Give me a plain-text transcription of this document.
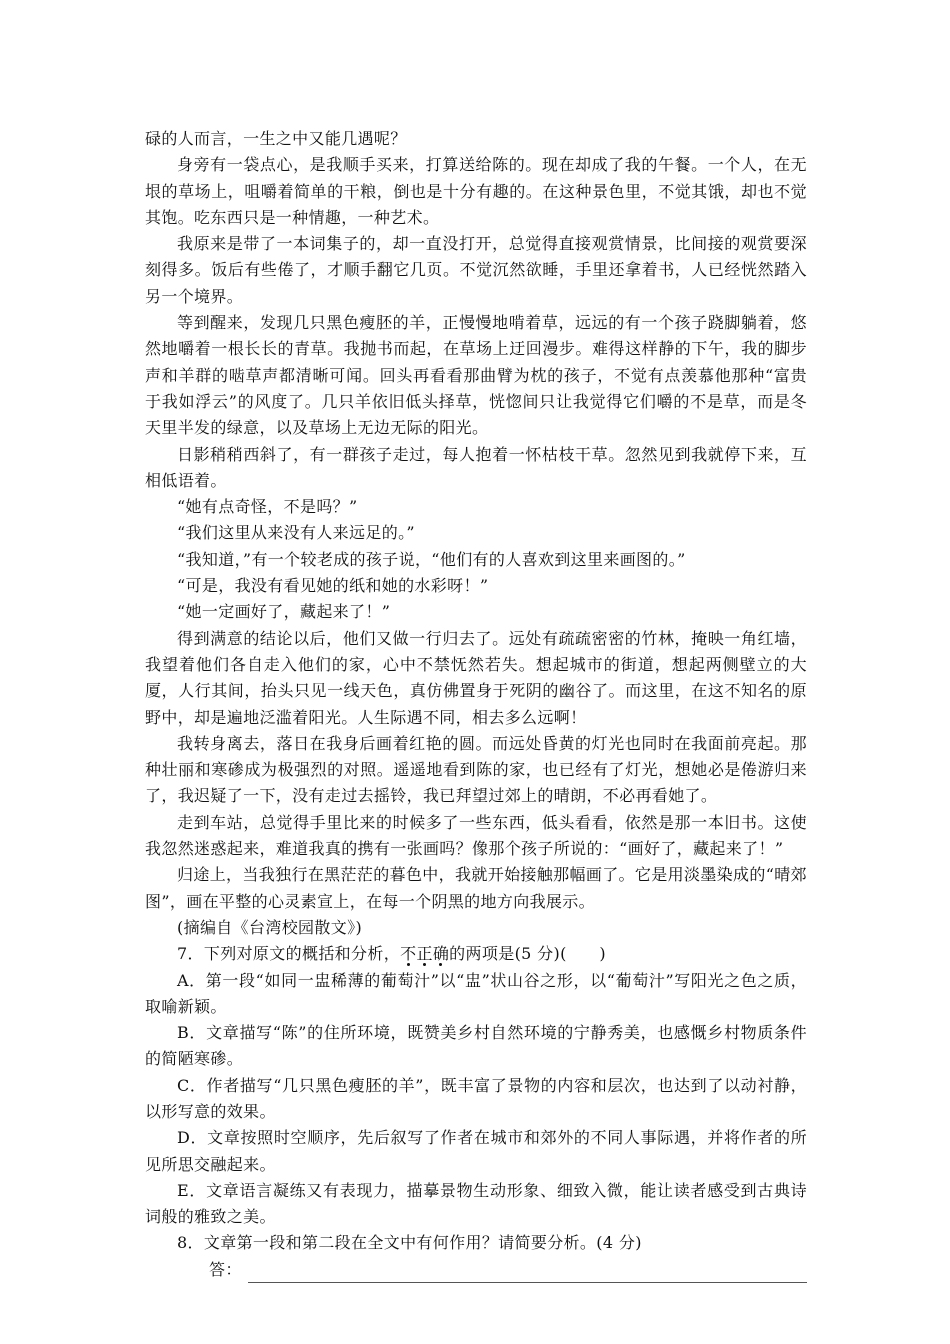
碌的人而言，一生之中又能几遇呢？

身旁有一袋点心，是我顺手买来，打算送给陈的。现在却成了我的午餐。一个人，在无垠的草场上，咀嚼着简单的干粮，倒也是十分有趣的。在这种景色里，不觉其饿，却也不觉其饱。吃东西只是一种情趣，一种艺术。

我原来是带了一本词集子的，却一直没打开，总觉得直接观赏情景，比间接的观赏要深刻得多。饭后有些倦了，才顺手翻它几页。不觉沉然欲睡，手里还拿着书，人已经恍然踏入另一个境界。

等到醒来，发现几只黑色瘦胚的羊，正慢慢地啃着草，远远的有一个孩子跷脚躺着，悠然地嚼着一根长长的青草。我抛书而起，在草场上迂回漫步。难得这样静的下午，我的脚步声和羊群的啮草声都清晰可闻。回头再看看那曲臂为枕的孩子，不觉有点羡慕他那种“富贵于我如浮云”的风度了。几只羊依旧低头择草，恍惚间只让我觉得它们嚼的不是草，而是冬天里半发的绿意，以及草场上无边无际的阳光。

日影稍稍西斜了，有一群孩子走过，每人抱着一怀枯枝干草。忽然见到我就停下来，互相低语着。

“她有点奇怪，不是吗？”

“我们这里从来没有人来远足的。”

“我知道，”有一个较老成的孩子说，“他们有的人喜欢到这里来画图的。”

“可是，我没有看见她的纸和她的水彩呀！”

“她一定画好了，藏起来了！”

得到满意的结论以后，他们又做一行归去了。远处有疏疏密密的竹林，掩映一角红墙，我望着他们各自走入他们的家，心中不禁怃然若失。想起城市的街道，想起两侧壁立的大厦，人行其间，抬头只见一线天色，真仿佛置身于死阴的幽谷了。而这里，在这不知名的原野中，却是遍地泛滥着阳光。人生际遇不同，相去多么远啊！

我转身离去，落日在我身后画着红艳的圆。而远处昏黄的灯光也同时在我面前亮起。那种壮丽和寒碜成为极强烈的对照。遥遥地看到陈的家，也已经有了灯光，想她必是倦游归来了，我迟疑了一下，没有走过去摇铃，我已拜望过郊上的晴朗，不必再看她了。

走到车站，总觉得手里比来的时候多了一些东西，低头看看，依然是那一本旧书。这使我忽然迷惑起来，难道我真的携有一张画吗？像那个孩子所说的：“画好了，藏起来了！”

归途上，当我独行在黑茫茫的暮色中，我就开始接触那幅画了。它是用淡墨染成的“晴郊图”，画在平整的心灵素宣上，在每一个阴黑的地方向我展示。

(摘编自《台湾校园散文》)

7．下列对原文的概括和分析，不正确的两项是(5 分)(　　)

A．第一段“如同一盅稀薄的葡萄汁”以“盅”状山谷之形，以“葡萄汁”写阳光之色之质，取喻新颖。

B．文章描写“陈”的住所环境，既赞美乡村自然环境的宁静秀美，也感慨乡村物质条件的简陋寒碜。

C．作者描写“几只黑色瘦胚的羊”，既丰富了景物的内容和层次，也达到了以动衬静，以形写意的效果。

D．文章按照时空顺序，先后叙写了作者在城市和郊外的不同人事际遇，并将作者的所见所思交融起来。

E．文章语言凝练又有表现力，描摹景物生动形象、细致入微，能让读者感受到古典诗词般的雅致之美。

8．文章第一段和第二段在全文中有何作用？请简要分析。(4 分)

答：
